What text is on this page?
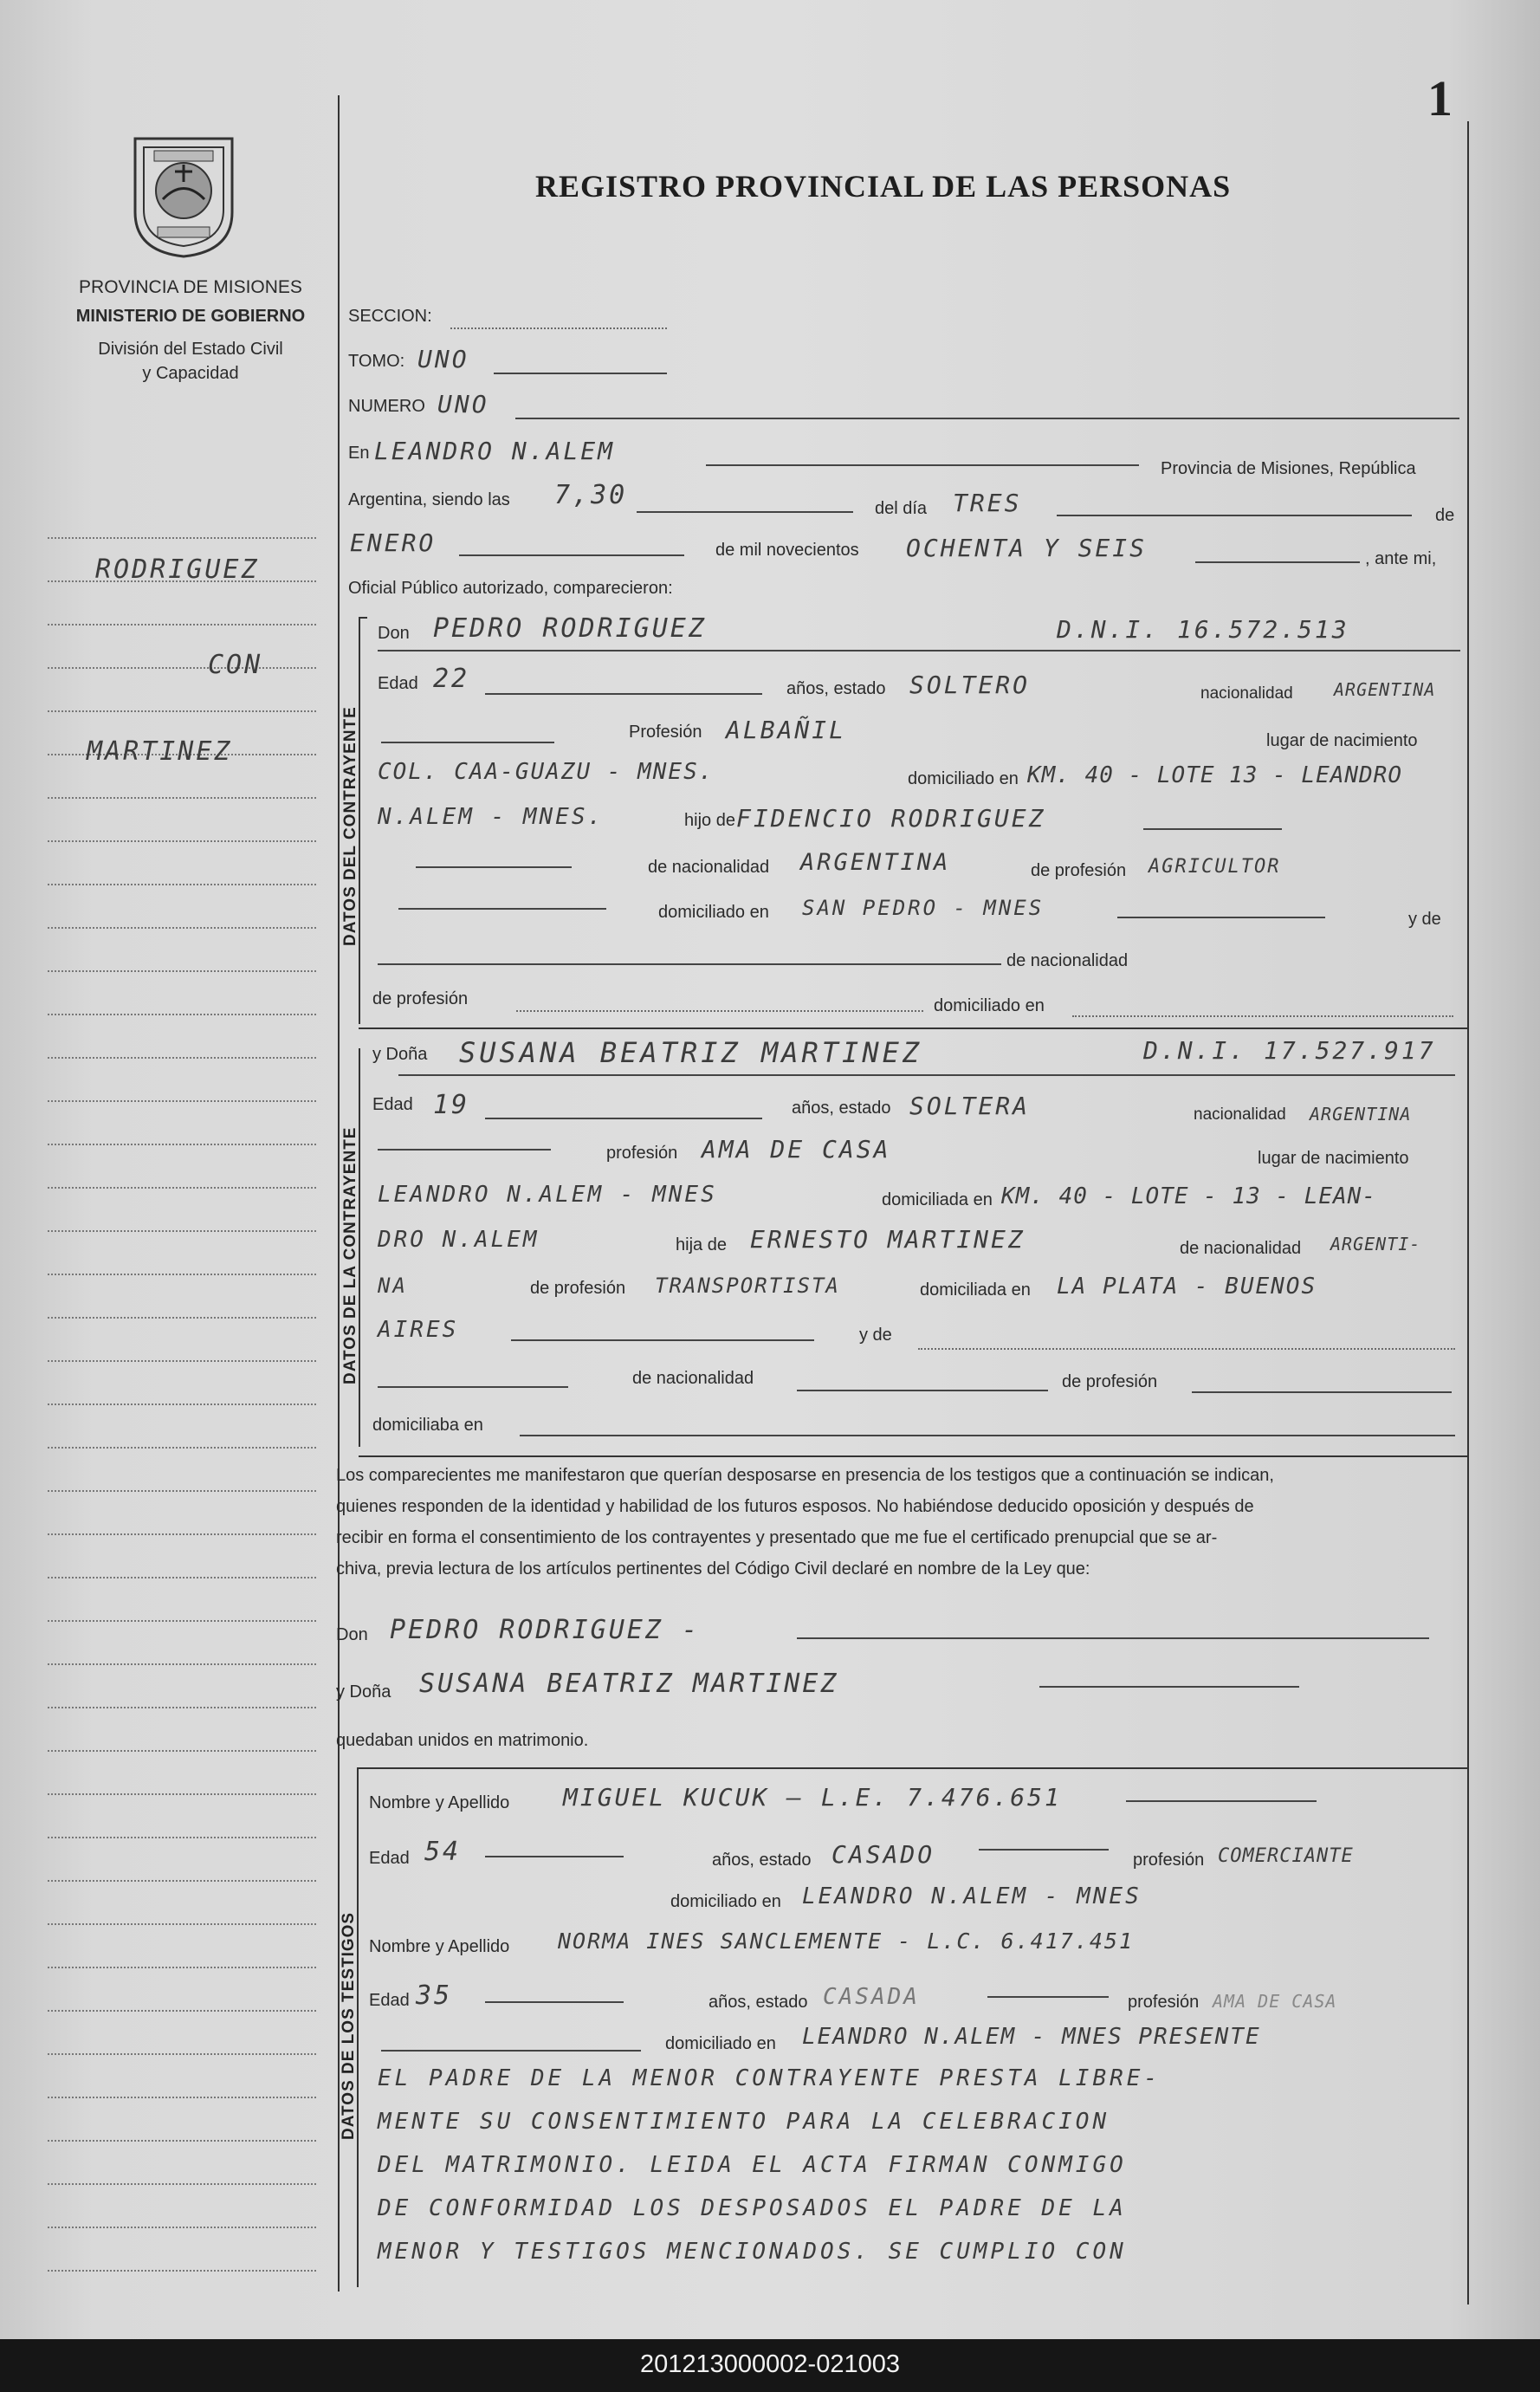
1
PROVINCIA DE MISIONES
MINISTERIO DE GOBIERNO
División del Estado Civil
y Capacidad
REGISTRO PROVINCIAL DE LAS PERSONAS
RODRIGUEZ
CON
MARTINEZ
SECCION:
TOMO: UNO
NUMERO UNO
En LEANDRO N.ALEM
Provincia de Misiones, República
Argentina, siendo las 7,30	del día TRES	de
ENERO	de mil novecientos OCHENTA Y SEIS	, ante mi,
Oficial Público autorizado, comparecieron:
DATOS DEL CONTRAYENTE
Don PEDRO RODRIGUEZ	D.N.I. 16.572.513
Edad 22	años, estado SOLTERO	nacionalidad ARGENTINA
Profesión ALBAÑIL	lugar de nacimiento
COL. CAA-GUAZU - MNES.	domiciliado en KM. 40 - LOTE 13 - LEANDRO
N.ALEM - MNES.	hijo de FIDENCIO RODRIGUEZ
de nacionalidad ARGENTINA	de profesión AGRICULTOR
domiciliado en SAN PEDRO - MNES	y de
de nacionalidad
de profesión	domiciliado en
DATOS DE LA CONTRAYENTE
y Doña SUSANA BEATRIZ MARTINEZ	D.N.I. 17.527.917
Edad 19	años, estado SOLTERA	nacionalidad ARGENTINA
profesión AMA DE CASA	lugar de nacimiento
LEANDRO N.ALEM - MNES	domiciliada en KM. 40 - LOTE - 13 - LEAN-
DRO N.ALEM	hija de ERNESTO MARTINEZ	de nacionalidad ARGENTI-
NA	de profesión TRANSPORTISTA	domiciliada en LA PLATA - BUENOS
AIRES	y de
de nacionalidad	de profesión
domiciliaba en
Los comparecientes me manifestaron que querían desposarse en presencia de los testigos que a continuación se indican,
quienes responden de la identidad y habilidad de los futuros esposos. No habiéndose deducido oposición y después de
recibir en forma el consentimiento de los contrayentes y presentado que me fue el certificado prenupcial que se ar-
chiva, previa lectura de los artículos pertinentes del Código Civil declaré en nombre de la Ley que:
Don PEDRO RODRIGUEZ -
y Doña SUSANA BEATRIZ MARTINEZ
quedaban unidos en matrimonio.
DATOS DE LOS TESTIGOS
Nombre y Apellido MIGUEL KUCUK — L.E. 7.476.651
Edad 54	años, estado CASADO	profesión COMERCIANTE
domiciliado en LEANDRO N.ALEM - MNES
Nombre y Apellido NORMA INES SANCLEMENTE - L.C. 6.417.451
Edad 35	años, estado CASADA	profesión AMA DE CASA
domiciliado en LEANDRO N.ALEM - MNES PRESENTE
EL PADRE DE LA MENOR CONTRAYENTE PRESTA LIBRE-
MENTE SU CONSENTIMIENTO PARA LA CELEBRACION
DEL MATRIMONIO. LEIDA EL ACTA FIRMAN CONMIGO
DE CONFORMIDAD LOS DESPOSADOS EL PADRE DE LA
MENOR Y TESTIGOS MENCIONADOS. SE CUMPLIO CON
201213000002-021003
